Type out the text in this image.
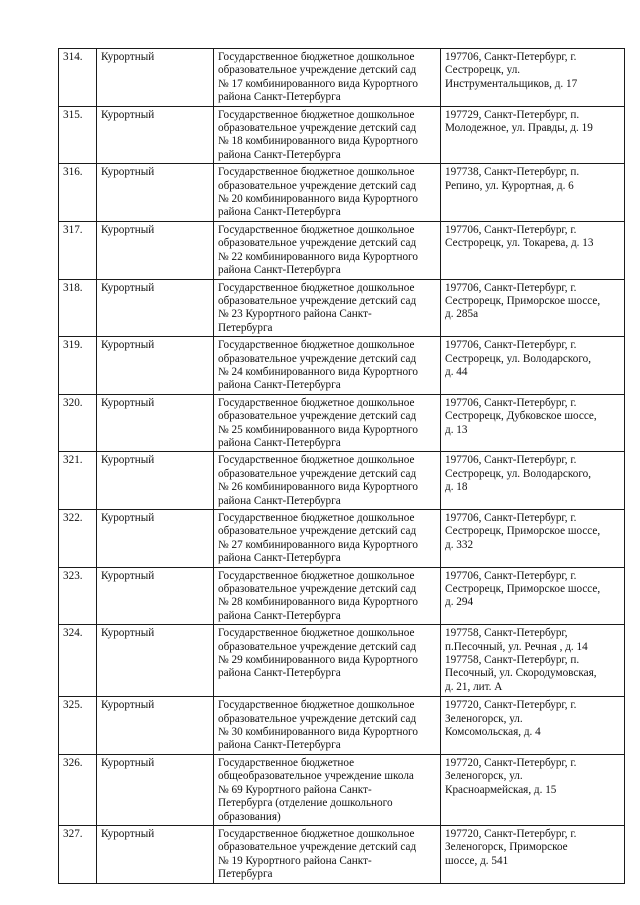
314.	Курортный	Государственное бюджетное дошкольное
образовательное учреждение детский сад
№ 17 комбинированного вида Курортного
района Санкт-Петербурга	197706, Санкт-Петербург, г.
Сестрорецк, ул.
Инструментальщиков, д. 17

315.	Курортный	Государственное бюджетное дошкольное
образовательное учреждение детский сад
№ 18 комбинированного вида Курортного
района Санкт-Петербурга	197729, Санкт-Петербург, п.
Молодежное, ул. Правды, д. 19

316.	Курортный	Государственное бюджетное дошкольное
образовательное учреждение детский сад
№ 20 комбинированного вида Курортного
района Санкт-Петербурга	197738, Санкт-Петербург, п.
Репино, ул. Курортная, д. 6

317.	Курортный	Государственное бюджетное дошкольное
образовательное учреждение детский сад
№ 22 комбинированного вида Курортного
района Санкт-Петербурга	197706, Санкт-Петербург, г.
Сестрорецк, ул. Токарева, д. 13

318.	Курортный	Государственное бюджетное дошкольное
образовательное учреждение детский сад
№ 23 Курортного района Санкт-
Петербурга	197706, Санкт-Петербург, г.
Сестрорецк, Приморское шоссе,
д. 285а

319.	Курортный	Государственное бюджетное дошкольное
образовательное учреждение детский сад
№ 24 комбинированного вида Курортного
района Санкт-Петербурга	197706, Санкт-Петербург, г.
Сестрорецк, ул. Володарского,
д. 44

320.	Курортный	Государственное бюджетное дошкольное
образовательное учреждение детский сад
№ 25 комбинированного вида Курортного
района Санкт-Петербурга	197706, Санкт-Петербург, г.
Сестрорецк, Дубковское шоссе,
д. 13

321.	Курортный	Государственное бюджетное дошкольное
образовательное учреждение детский сад
№ 26 комбинированного вида Курортного
района Санкт-Петербурга	197706, Санкт-Петербург, г.
Сестрорецк, ул. Володарского,
д. 18

322.	Курортный	Государственное бюджетное дошкольное
образовательное учреждение детский сад
№ 27 комбинированного вида Курортного
района Санкт-Петербурга	197706, Санкт-Петербург, г.
Сестрорецк, Приморское шоссе,
д. 332

323.	Курортный	Государственное бюджетное дошкольное
образовательное учреждение детский сад
№ 28 комбинированного вида Курортного
района Санкт-Петербурга	197706, Санкт-Петербург, г.
Сестрорецк, Приморское шоссе,
д. 294

324.	Курортный	Государственное бюджетное дошкольное
образовательное учреждение детский сад
№ 29 комбинированного вида Курортного
района Санкт-Петербурга	197758, Санкт-Петербург,
п.Песочный, ул. Речная , д. 14
197758, Санкт-Петербург, п.
Песочный, ул. Скородумовская,
д. 21, лит. А

325.	Курортный	Государственное бюджетное дошкольное
образовательное учреждение детский сад
№ 30 комбинированного вида Курортного
района Санкт-Петербурга	197720, Санкт-Петербург, г.
Зеленогорск, ул.
Комсомольская, д. 4

326.	Курортный	Государственное бюджетное
общеобразовательное учреждение школа
№ 69 Курортного района Санкт-
Петербурга (отделение дошкольного
образования)	197720, Санкт-Петербург, г.
Зеленогорск, ул.
Красноармейская, д. 15

327.	Курортный	Государственное бюджетное дошкольное
образовательное учреждение детский сад
№ 19 Курортного района Санкт-
Петербурга	197720, Санкт-Петербург, г.
Зеленогорск, Приморское
шоссе, д. 541
